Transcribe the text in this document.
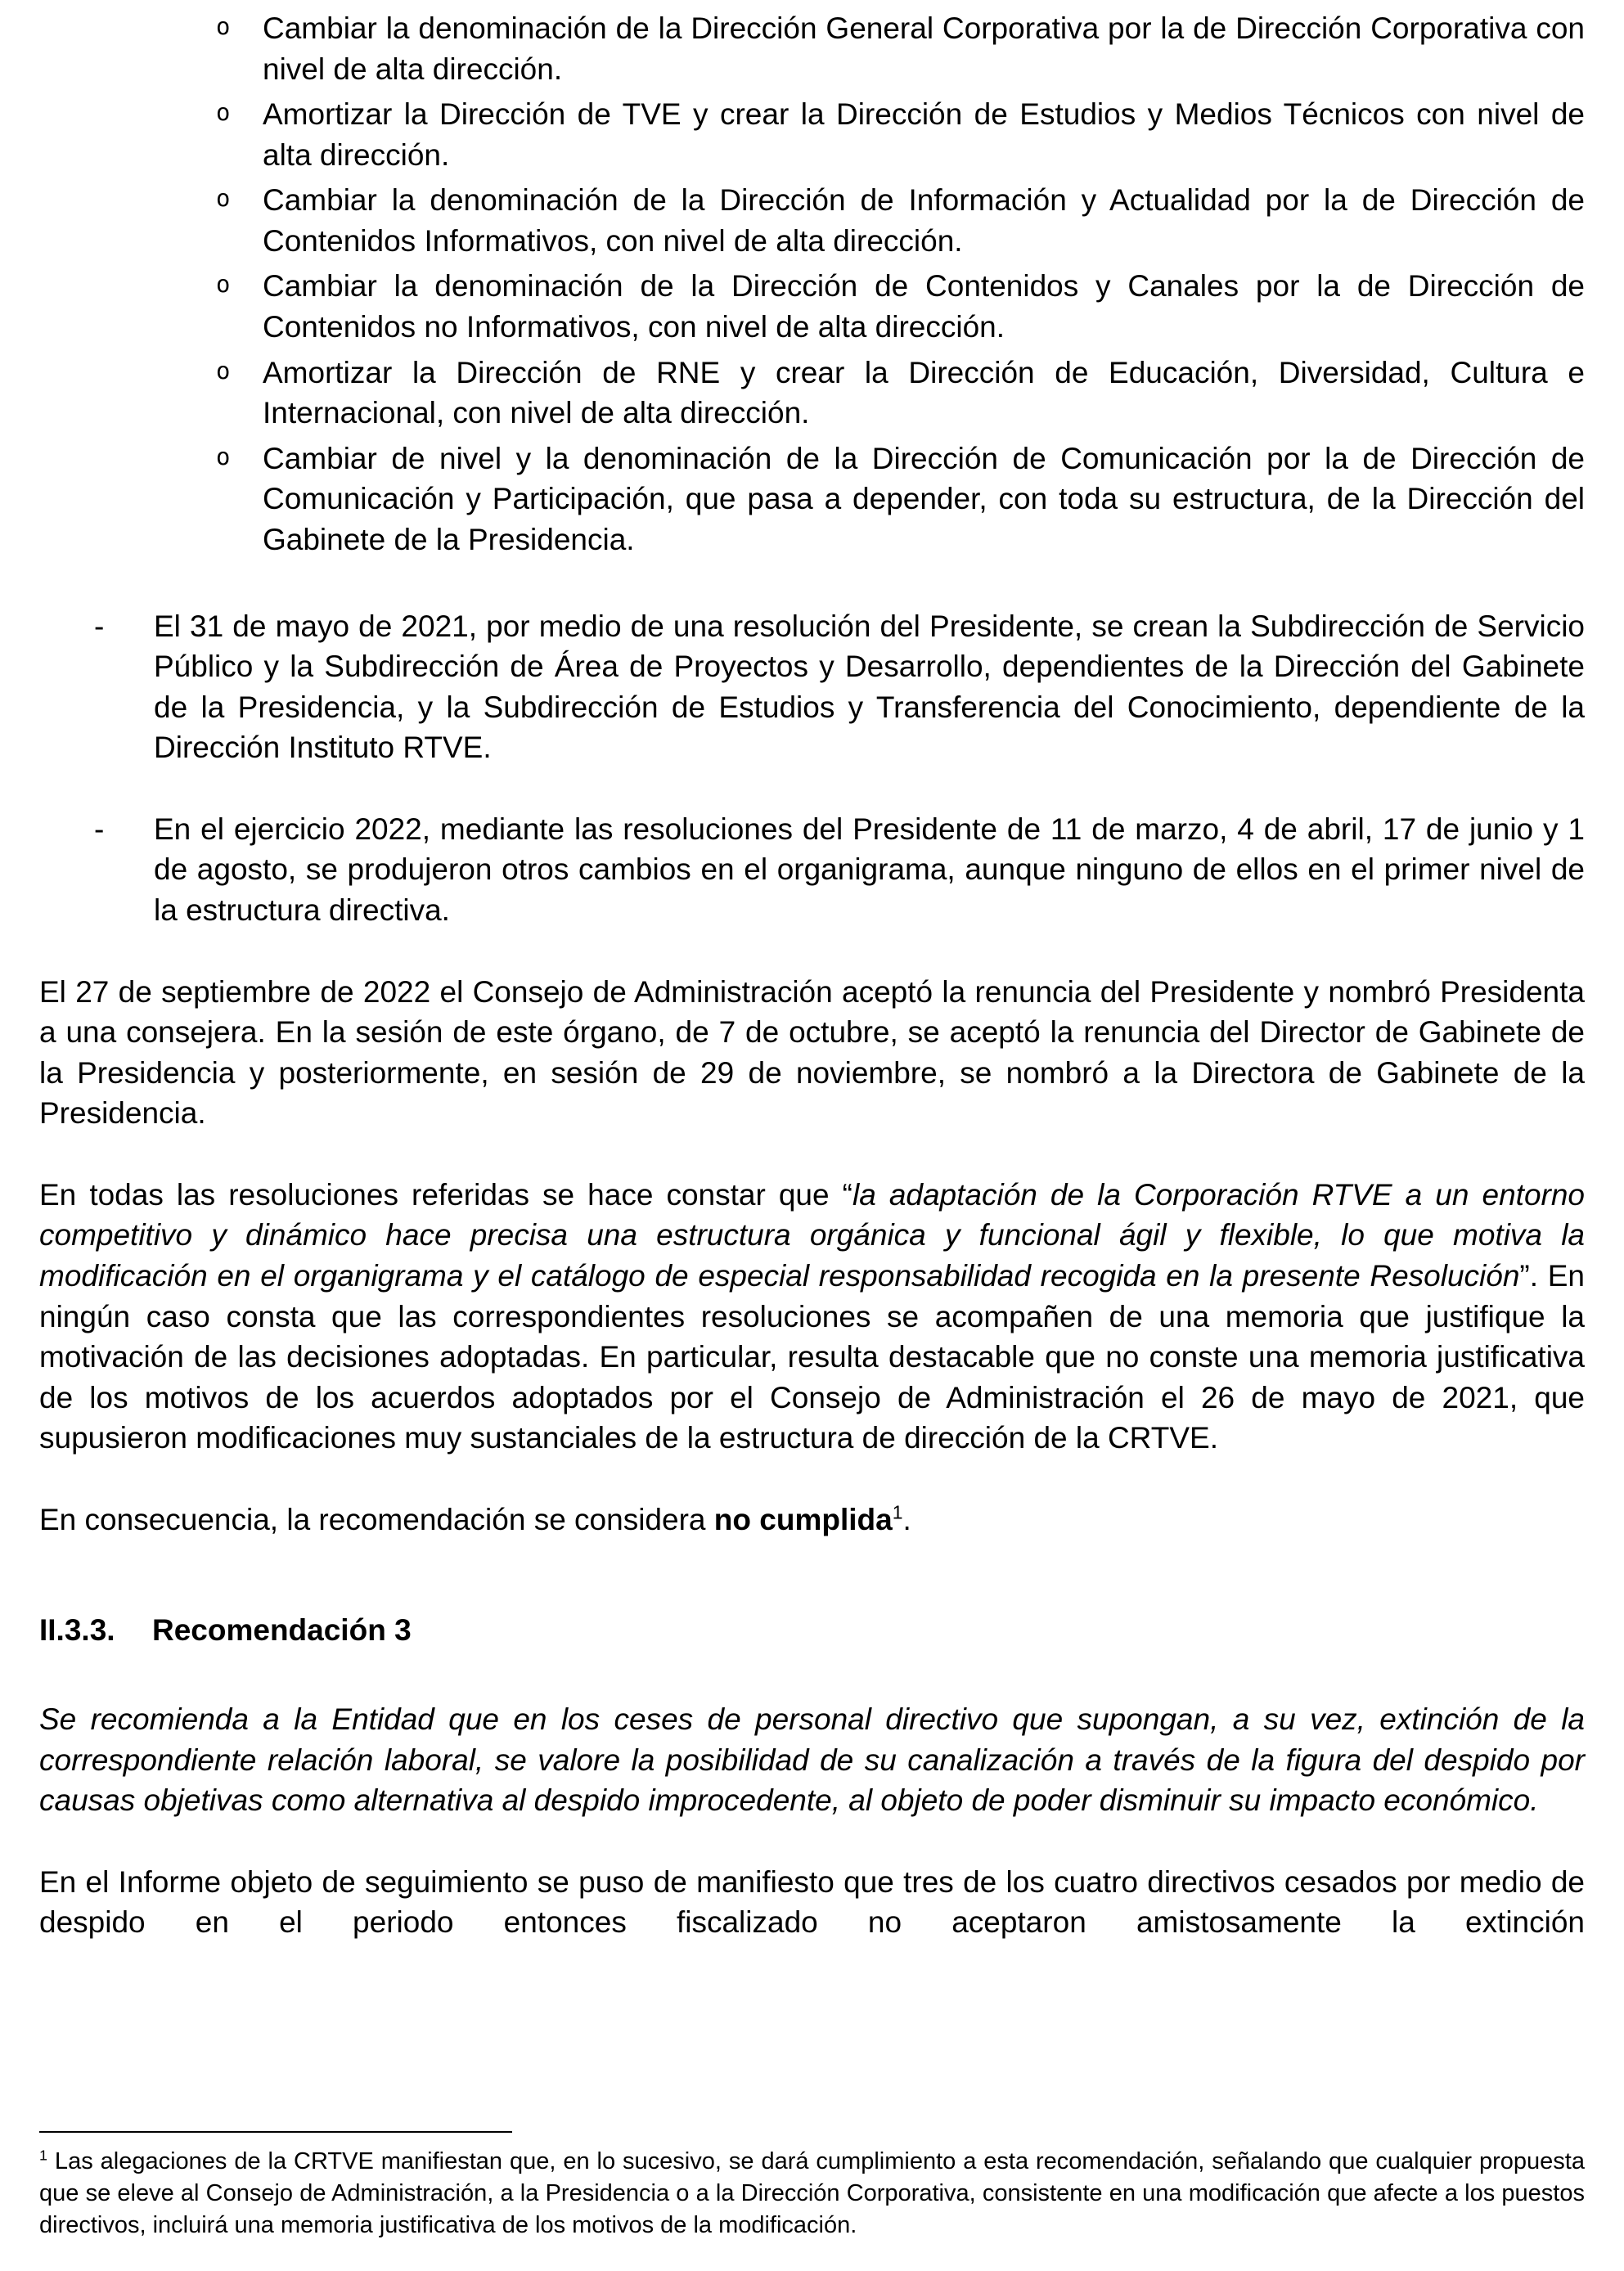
o	Cambiar la denominación de la Dirección General Corporativa por la de Dirección Corporativa con nivel de alta dirección.
o	Amortizar la Dirección de TVE y crear la Dirección de Estudios y Medios Técnicos con nivel de alta dirección.
o	Cambiar la denominación de la Dirección de Información y Actualidad por la de Dirección de Contenidos Informativos, con nivel de alta dirección.
o	Cambiar la denominación de la Dirección de Contenidos y Canales por la de Dirección de Contenidos no Informativos, con nivel de alta dirección.
o	Amortizar la Dirección de RNE y crear la Dirección de Educación, Diversidad, Cultura e Internacional, con nivel de alta dirección.
o	Cambiar de nivel y la denominación de la Dirección de Comunicación por la de Dirección de Comunicación y Participación, que pasa a depender, con toda su estructura, de la Dirección del Gabinete de la Presidencia.
-	El 31 de mayo de 2021, por medio de una resolución del Presidente, se crean la Subdirección de Servicio Público y la Subdirección de Área de Proyectos y Desarrollo, dependientes de la Dirección del Gabinete de la Presidencia, y la Subdirección de Estudios y Transferencia del Conocimiento, dependiente de la Dirección Instituto RTVE.
-	En el ejercicio 2022, mediante las resoluciones del Presidente de 11 de marzo, 4 de abril, 17 de junio y 1 de agosto, se produjeron otros cambios en el organigrama, aunque ninguno de ellos en el primer nivel de la estructura directiva.

El 27 de septiembre de 2022 el Consejo de Administración aceptó la renuncia del Presidente y nombró Presidenta a una consejera. En la sesión de este órgano, de 7 de octubre, se aceptó la renuncia del Director de Gabinete de la Presidencia y posteriormente, en sesión de 29 de noviembre, se nombró a la Directora de Gabinete de la Presidencia.

En todas las resoluciones referidas se hace constar que “la adaptación de la Corporación RTVE a un entorno competitivo y dinámico hace precisa una estructura orgánica y funcional ágil y flexible, lo que motiva la modificación en el organigrama y el catálogo de especial responsabilidad recogida en la presente Resolución”. En ningún caso consta que las correspondientes resoluciones se acompañen de una memoria que justifique la motivación de las decisiones adoptadas. En particular, resulta destacable que no conste una memoria justificativa de los motivos de los acuerdos adoptados por el Consejo de Administración el 26 de mayo de 2021, que supusieron modificaciones muy sustanciales de la estructura de dirección de la CRTVE.

En consecuencia, la recomendación se considera no cumplida$^1$.

II.3.3. Recomendación 3

Se recomienda a la Entidad que en los ceses de personal directivo que supongan, a su vez, extinción de la correspondiente relación laboral, se valore la posibilidad de su canalización a través de la figura del despido por causas objetivas como alternativa al despido improcedente, al objeto de poder disminuir su impacto económico.

En el Informe objeto de seguimiento se puso de manifiesto que tres de los cuatro directivos cesados por medio de despido en el periodo entonces fiscalizado no aceptaron amistosamente la extinción

$^1$ Las alegaciones de la CRTVE manifiestan que, en lo sucesivo, se dará cumplimiento a esta recomendación, señalando que cualquier propuesta que se eleve al Consejo de Administración, a la Presidencia o a la Dirección Corporativa, consistente en una modificación que afecte a los puestos directivos, incluirá una memoria justificativa de los motivos de la modificación.
